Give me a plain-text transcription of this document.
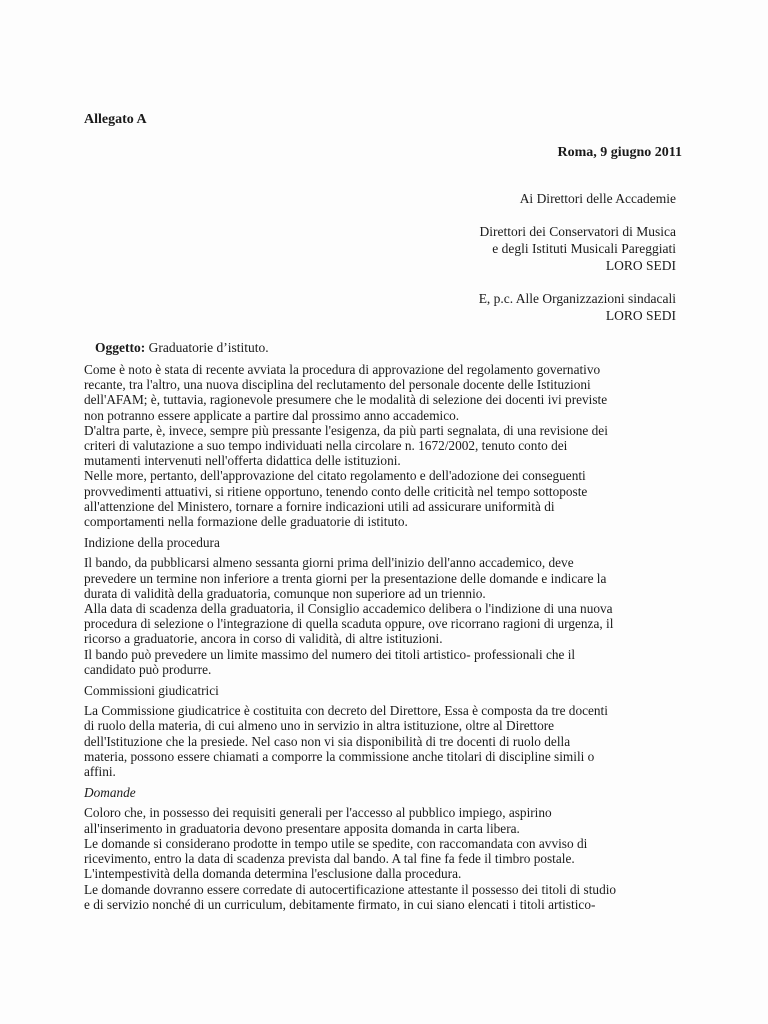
Allegato A
Roma, 9 giugno 2011
Ai Direttori delle Accademie
Direttori dei Conservatori di Musica
e degli Istituti Musicali Pareggiati
LORO SEDI
E, p.c. Alle Organizzazioni sindacali
LORO SEDI
Oggetto: Graduatorie d’istituto.
Come è noto è stata di recente avviata la procedura di approvazione del regolamento governativo
recante, tra l'altro, una nuova disciplina del reclutamento del personale docente delle Istituzioni
dell'AFAM; è, tuttavia, ragionevole presumere che le modalità di selezione dei docenti ivi previste
non potranno essere applicate a partire dal prossimo anno accademico.
D'altra parte, è, invece, sempre più pressante l'esigenza, da più parti segnalata, di una revisione dei
criteri di valutazione a suo tempo individuati nella circolare n. 1672/2002, tenuto conto dei
mutamenti intervenuti nell'offerta didattica delle istituzioni.
Nelle more, pertanto, dell'approvazione del citato regolamento e dell'adozione dei conseguenti
provvedimenti attuativi, si ritiene opportuno, tenendo conto delle criticità nel tempo sottoposte
all'attenzione del Ministero, tornare a fornire indicazioni utili ad assicurare uniformità di
comportamenti nella formazione delle graduatorie di istituto.
Indizione della procedura
Il bando, da pubblicarsi almeno sessanta giorni prima dell'inizio dell'anno accademico, deve
prevedere un termine non inferiore a trenta giorni per la presentazione delle domande e indicare la
durata di validità della graduatoria, comunque non superiore ad un triennio.
Alla data di scadenza della graduatoria, il Consiglio accademico delibera o l'indizione di una nuova
procedura di selezione o l'integrazione di quella scaduta oppure, ove ricorrano ragioni di urgenza, il
ricorso a graduatorie, ancora in corso di validità, di altre istituzioni.
Il bando può prevedere un limite massimo del numero dei titoli artistico- professionali che il
candidato può produrre.
Commissioni giudicatrici
La Commissione giudicatrice è costituita con decreto del Direttore, Essa è composta da tre docenti
di ruolo della materia, di cui almeno uno in servizio in altra istituzione, oltre al Direttore
dell'Istituzione che la presiede. Nel caso non vi sia disponibilità di tre docenti di ruolo della
materia, possono essere chiamati a comporre la commissione anche titolari di discipline simili o
affini.
Domande
Coloro che, in possesso dei requisiti generali per l'accesso al pubblico impiego, aspirino
all'inserimento in graduatoria devono presentare apposita domanda in carta libera.
Le domande si considerano prodotte in tempo utile se spedite, con raccomandata con avviso di
ricevimento, entro la data di scadenza prevista dal bando. A tal fine fa fede il timbro postale.
L'intempestività della domanda determina l'esclusione dalla procedura.
Le domande dovranno essere corredate di autocertificazione attestante il possesso dei titoli di studio
e di servizio nonché di un curriculum, debitamente firmato, in cui siano elencati i titoli artistico-
